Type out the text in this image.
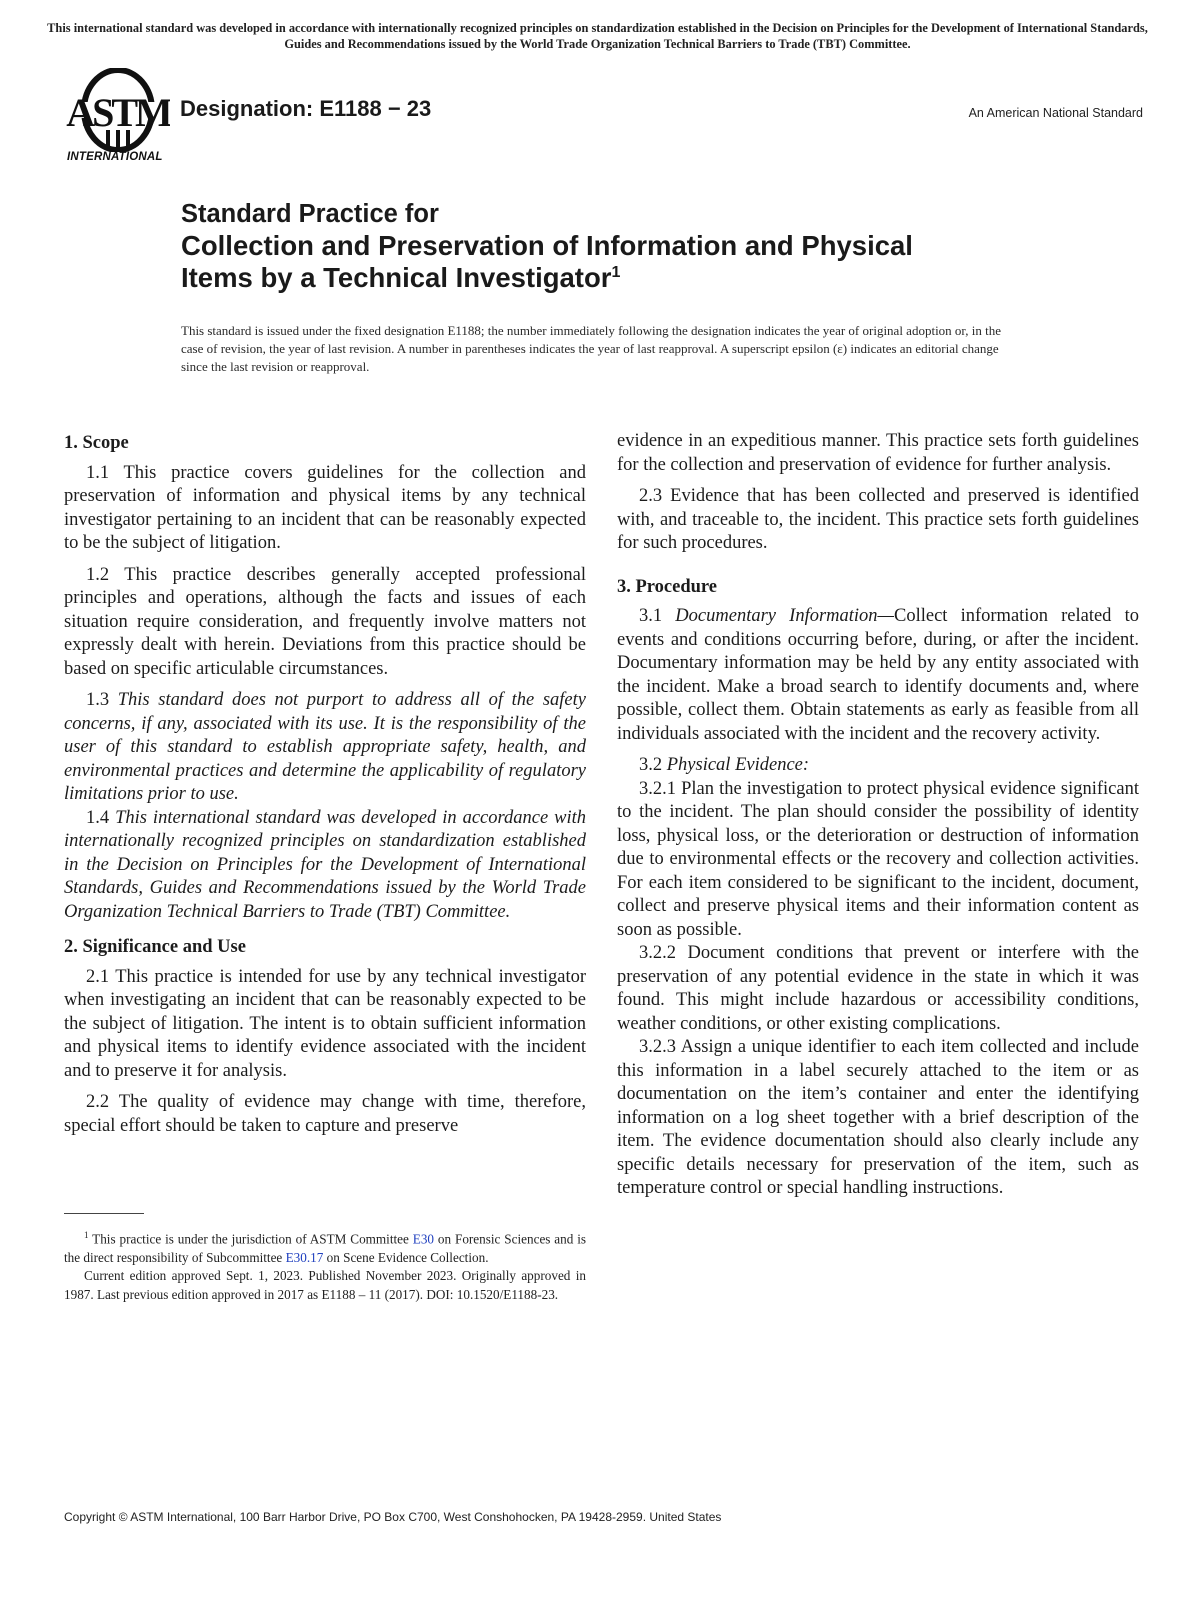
This international standard was developed in accordance with internationally recognized principles on standardization established in the Decision on Principles for the Development of International Standards, Guides and Recommendations issued by the World Trade Organization Technical Barriers to Trade (TBT) Committee.
ASTM
INTERNATIONAL
Designation: E1188 − 23	An American National Standard
Standard Practice for
Collection and Preservation of Information and Physical
Items by a Technical Investigator$^1$
This standard is issued under the fixed designation E1188; the number immediately following the designation indicates the year of original adoption or, in the case of revision, the year of last revision. A number in parentheses indicates the year of last reapproval. A superscript epsilon (ε) indicates an editorial change since the last revision or reapproval.
1. Scope

1.1 This practice covers guidelines for the collection and preservation of information and physical items by any technical investigator pertaining to an incident that can be reasonably expected to be the subject of litigation.

1.2 This practice describes generally accepted professional principles and operations, although the facts and issues of each situation require consideration, and frequently involve matters not expressly dealt with herein. Deviations from this practice should be based on specific articulable circumstances.

1.3 This standard does not purport to address all of the safety concerns, if any, associated with its use. It is the responsibility of the user of this standard to establish appropriate safety, health, and environmental practices and determine the applicability of regulatory limitations prior to use.

1.4 This international standard was developed in accordance with internationally recognized principles on standardization established in the Decision on Principles for the Development of International Standards, Guides and Recommendations issued by the World Trade Organization Technical Barriers to Trade (TBT) Committee.

2. Significance and Use

2.1 This practice is intended for use by any technical investigator when investigating an incident that can be reasonably expected to be the subject of litigation. The intent is to obtain sufficient information and physical items to identify evidence associated with the incident and to preserve it for analysis.

2.2 The quality of evidence may change with time, therefore, special effort should be taken to capture and preserve

$^1$ This practice is under the jurisdiction of ASTM Committee E30 on Forensic Sciences and is the direct responsibility of Subcommittee E30.17 on Scene Evidence Collection.

Current edition approved Sept. 1, 2023. Published November 2023. Originally approved in 1987. Last previous edition approved in 2017 as E1188 – 11 (2017). DOI: 10.1520/E1188-23.

evidence in an expeditious manner. This practice sets forth guidelines for the collection and preservation of evidence for further analysis.

2.3 Evidence that has been collected and preserved is identified with, and traceable to, the incident. This practice sets forth guidelines for such procedures.

3. Procedure

3.1 Documentary Information—Collect information related to events and conditions occurring before, during, or after the incident. Documentary information may be held by any entity associated with the incident. Make a broad search to identify documents and, where possible, collect them. Obtain statements as early as feasible from all individuals associated with the incident and the recovery activity.

3.2 Physical Evidence:

3.2.1 Plan the investigation to protect physical evidence significant to the incident. The plan should consider the possibility of identity loss, physical loss, or the deterioration or destruction of information due to environmental effects or the recovery and collection activities. For each item considered to be significant to the incident, document, collect and preserve physical items and their information content as soon as possible.

3.2.2 Document conditions that prevent or interfere with the preservation of any potential evidence in the state in which it was found. This might include hazardous or accessibility conditions, weather conditions, or other existing complications.

3.2.3 Assign a unique identifier to each item collected and include this information in a label securely attached to the item or as documentation on the item’s container and enter the identifying information on a log sheet together with a brief description of the item. The evidence documentation should also clearly include any specific details necessary for preservation of the item, such as temperature control or special handling instructions.

Copyright © ASTM International, 100 Barr Harbor Drive, PO Box C700, West Conshohocken, PA 19428-2959. United States
